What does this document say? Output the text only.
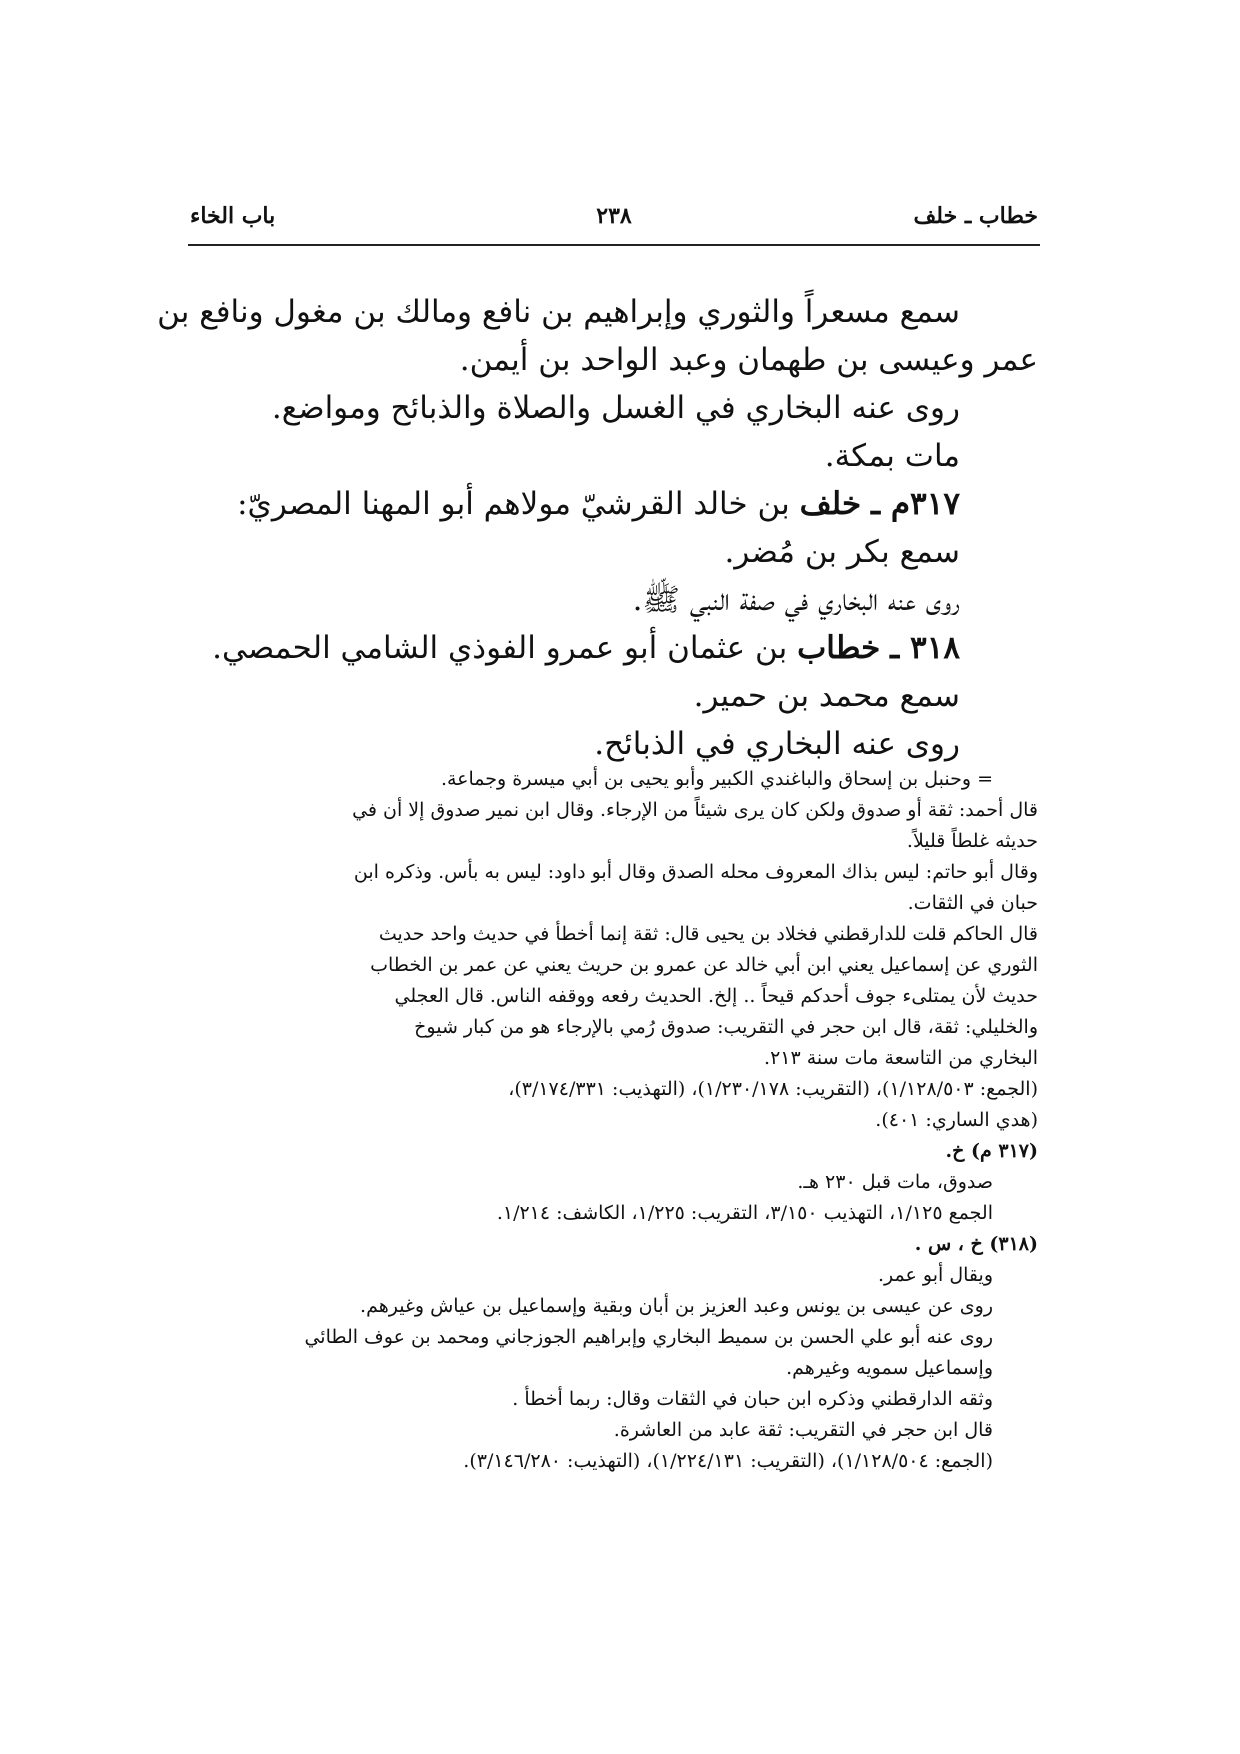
خطاب ـ خلف
٢٣٨
باب الخاء

سمع مسعراً والثوري وإبراهيم بن نافع ومالك بن مغول ونافع بن

عمر وعيسى بن طهمان وعبد الواحد بن أيمن.

روى عنه البخاري في الغسل والصلاة والذبائح ومواضع.

مات بمكة.

٣١٧م ـ خلف بن خالد القرشيّ مولاهم أبو المهنا المصريّ:

سمع بكر بن مُضر.

روى عنه البخاري في صفة النبي ﷺ.

٣١٨ ـ خطاب بن عثمان أبو عمرو الفوذي الشامي الحمصي.

سمع محمد بن حمير.

روى عنه البخاري في الذبائح.

= وحنبل بن إسحاق والباغندي الكبير وأبو يحيى بن أبي ميسرة وجماعة.

قال أحمد: ثقة أو صدوق ولكن كان يرى شيئاً من الإرجاء. وقال ابن نمير صدوق إلا أن في

حديثه غلطاً قليلاً.

وقال أبو حاتم: ليس بذاك المعروف محله الصدق وقال أبو داود: ليس به بأس. وذكره ابن

حبان في الثقات.

قال الحاكم قلت للدارقطني فخلاد بن يحيى قال: ثقة إنما أخطأ في حديث واحد حديث

الثوري عن إسماعيل يعني ابن أبي خالد عن عمرو بن حريث يعني عن عمر بن الخطاب

حديث لأن يمتلىء جوف أحدكم قيحاً .. إلخ. الحديث رفعه ووقفه الناس. قال العجلي

والخليلي: ثقة، قال ابن حجر في التقريب: صدوق رُمي بالإرجاء هو من كبار شيوخ

البخاري من التاسعة مات سنة ٢١٣.

(الجمع: ١/١٢٨/٥٠٣)، (التقريب: ١/٢٣٠/١٧٨)، (التهذيب: ٣/١٧٤/٣٣١)،

(هدي الساري: ٤٠١).

(٣١٧ م) خ.

صدوق، مات قبل ٢٣٠ هـ.

الجمع ١/١٢٥، التهذيب ٣/١٥٠، التقريب: ١/٢٢٥، الكاشف: ١/٢١٤.

(٣١٨) خ ، س .

ويقال أبو عمر.

روى عن عيسى بن يونس وعبد العزيز بن أبان وبقية وإسماعيل بن عياش وغيرهم.

روى عنه أبو علي الحسن بن سميط البخاري وإبراهيم الجوزجاني ومحمد بن عوف الطائي

وإسماعيل سمويه وغيرهم.

وثقه الدارقطني وذكره ابن حبان في الثقات وقال: ربما أخطأ .

قال ابن حجر في التقريب: ثقة عابد من العاشرة.

(الجمع: ١/١٢٨/٥٠٤)، (التقريب: ١/٢٢٤/١٣١)، (التهذيب: ٣/١٤٦/٢٨٠).
